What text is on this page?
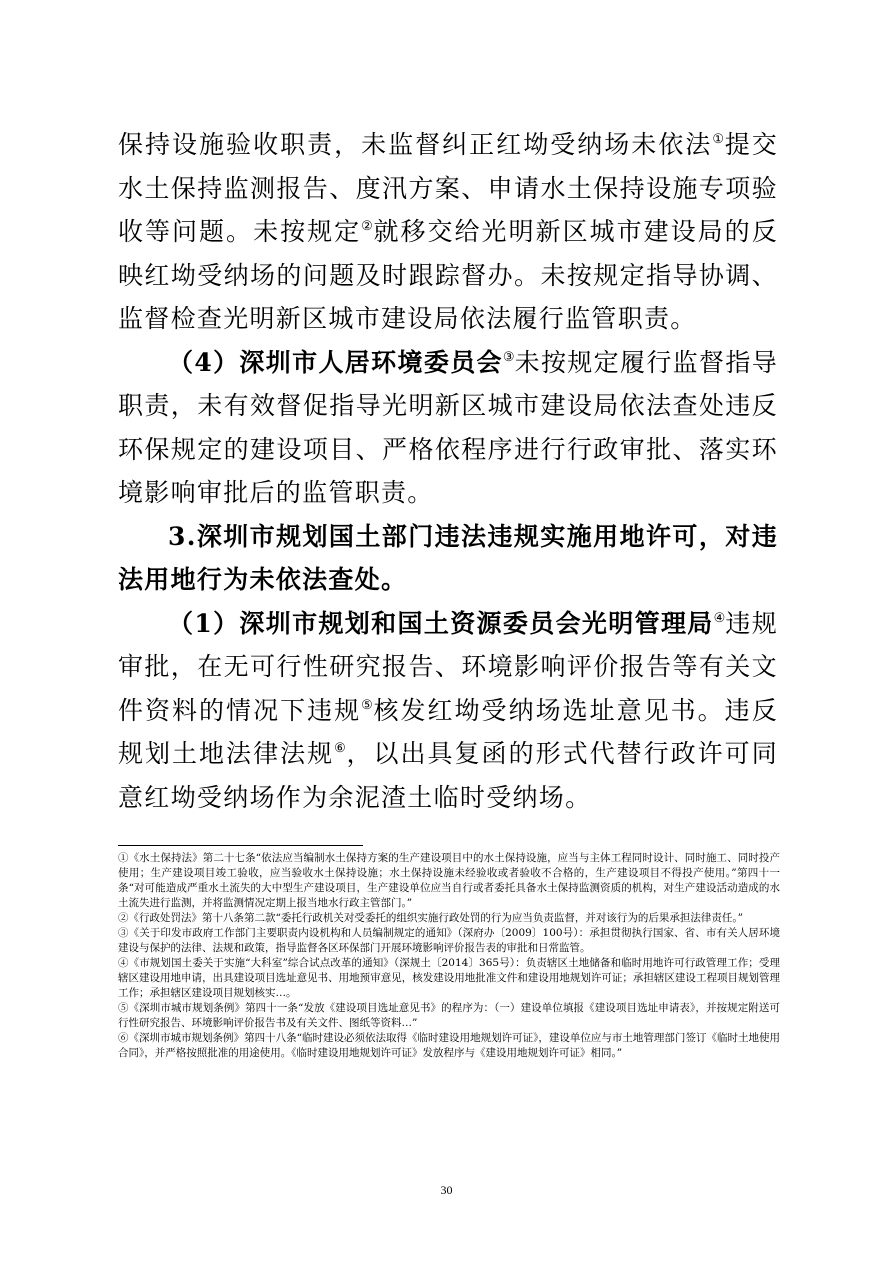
保持设施验收职责，未监督纠正红坳受纳场未依法①提交水土保持监测报告、度汛方案、申请水土保持设施专项验收等问题。未按规定②就移交给光明新区城市建设局的反映红坳受纳场的问题及时跟踪督办。未按规定指导协调、监督检查光明新区城市建设局依法履行监管职责。

（4）深圳市人居环境委员会③未按规定履行监督指导职责，未有效督促指导光明新区城市建设局依法查处违反环保规定的建设项目、严格依程序进行行政审批、落实环境影响审批后的监管职责。

3.深圳市规划国土部门违法违规实施用地许可，对违法用地行为未依法查处。

（1）深圳市规划和国土资源委员会光明管理局④违规审批，在无可行性研究报告、环境影响评价报告等有关文件资料的情况下违规⑤核发红坳受纳场选址意见书。违反规划土地法律法规⑥，以出具复函的形式代替行政许可同意红坳受纳场作为余泥渣土临时受纳场。

①《水土保持法》第二十七条“依法应当编制水土保持方案的生产建设项目中的水土保持设施，应当与主体工程同时设计、同时施工、同时投产使用；生产建设项目竣工验收，应当验收水土保持设施；水土保持设施未经验收或者验收不合格的，生产建设项目不得投产使用。”第四十一条“对可能造成严重水土流失的大中型生产建设项目，生产建设单位应当自行或者委托具备水土保持监测资质的机构，对生产建设活动造成的水土流失进行监测，并将监测情况定期上报当地水行政主管部门。”

②《行政处罚法》第十八条第二款“委托行政机关对受委托的组织实施行政处罚的行为应当负责监督，并对该行为的后果承担法律责任。”

③《关于印发市政府工作部门主要职责内设机构和人员编制规定的通知》（深府办〔2009〕100号）：承担贯彻执行国家、省、市有关人居环境建设与保护的法律、法规和政策，指导监督各区环保部门开展环境影响评价报告表的审批和日常监管。

④《市规划国土委关于实施“大科室”综合试点改革的通知》（深规土〔2014〕365号）：负责辖区土地储备和临时用地许可行政管理工作；受理辖区建设用地申请，出具建设项目选址意见书、用地预审意见，核发建设用地批准文件和建设用地规划许可证；承担辖区建设工程项目规划管理工作；承担辖区建设项目规划核实…。

⑤《深圳市城市规划条例》第四十一条“发放《建设项目选址意见书》的程序为：（一）建设单位填报《建设项目选址申请表》，并按规定附送可行性研究报告、环境影响评价报告书及有关文件、图纸等资料…”

⑥《深圳市城市规划条例》第四十八条“临时建设必须依法取得《临时建设用地规划许可证》，建设单位应与市土地管理部门签订《临时土地使用合同》，并严格按照批准的用途使用。《临时建设用地规划许可证》发放程序与《建设用地规划许可证》相同。”

30
